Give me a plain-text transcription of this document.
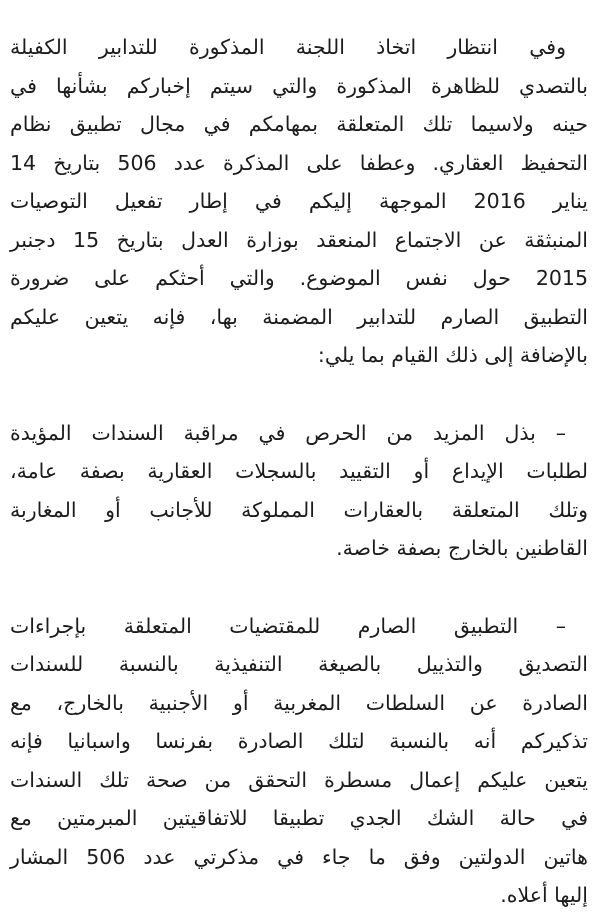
وفي انتظار اتخاذ اللجنة المذكورة للتدابير الكفيلة
بالتصدي للظاهرة المذكورة والتي سيتم إخباركم بشأنها في
حينه ولاسيما تلك المتعلقة بمهامكم في مجال تطبيق نظام
التحفيظ العقاري. وعطفا على المذكرة عدد 506 بتاريخ 14
يناير 2016 الموجهة إليكم في إطار تفعيل التوصيات
المنبثقة عن الاجتماع المنعقد بوزارة العدل بتاريخ 15 دجنبر
2015 حول نفس الموضوع. والتي أحثكم على ضرورة
التطبيق الصارم للتدابير المضمنة بها، فإنه يتعين عليكم
بالإضافة إلى ذلك القيام بما يلي:

– بذل المزيد من الحرص في مراقبة السندات المؤيدة
لطلبات الإيداع أو التقييد بالسجلات العقارية بصفة عامة،
وتلك المتعلقة بالعقارات المملوكة للأجانب أو المغاربة
القاطنين بالخارج بصفة خاصة.

– التطبيق الصارم للمقتضيات المتعلقة بإجراءات
التصديق والتذييل بالصيغة التنفيذية بالنسبة للسندات
الصادرة عن السلطات المغربية أو الأجنبية بالخارج، مع
تذكيركم أنه بالنسبة لتلك الصادرة بفرنسا واسبانيا فإنه
يتعين عليكم إعمال مسطرة التحقق من صحة تلك السندات
في حالة الشك الجدي تطبيقا للاتفاقيتين المبرمتين مع
هاتين الدولتين وفق ما جاء في مذكرتي عدد 506 المشار
إليها أعلاه.
